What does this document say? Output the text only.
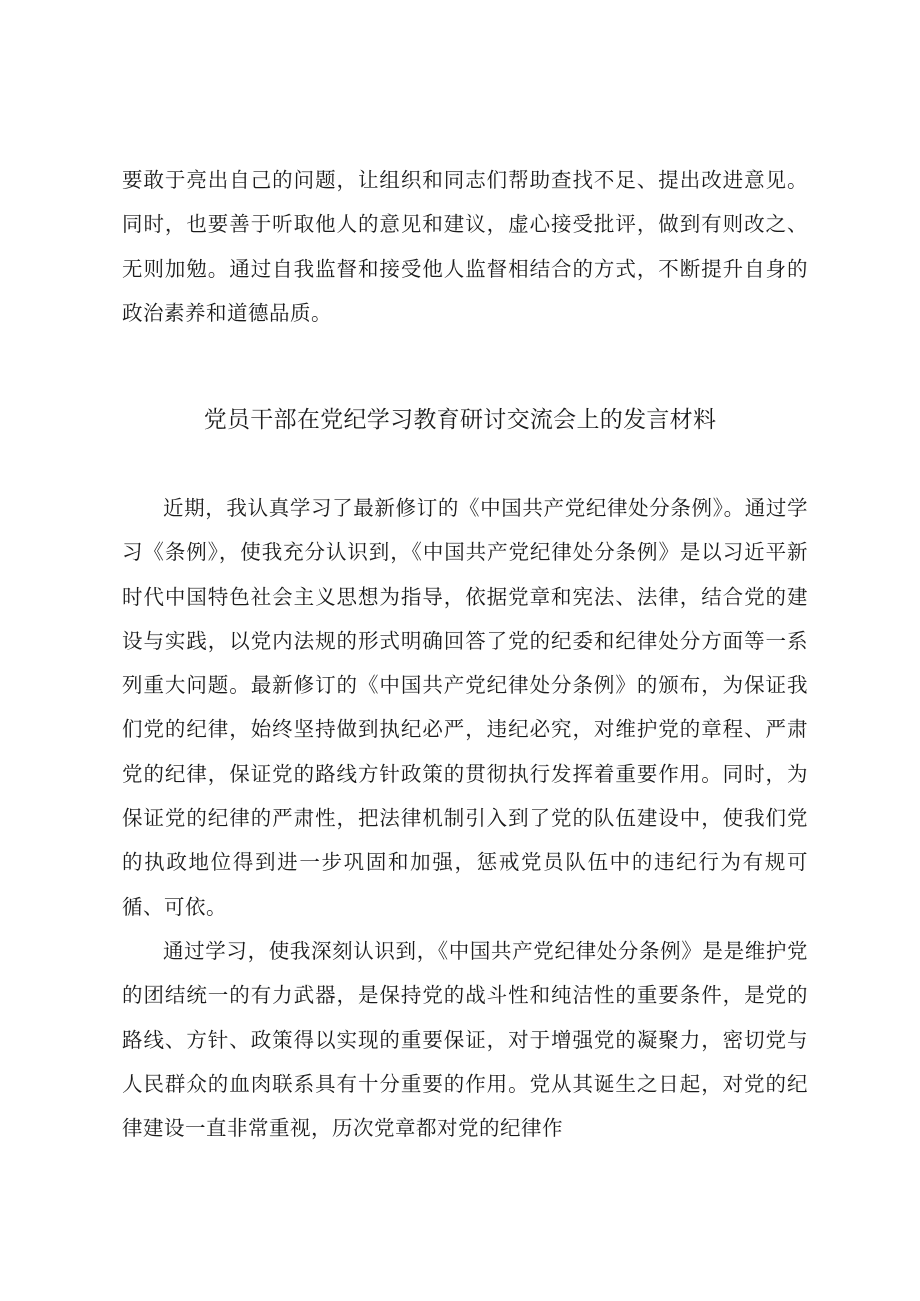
要敢于亮出自己的问题，让组织和同志们帮助查找不足、提出改进意见。同时，也要善于听取他人的意见和建议，虚心接受批评，做到有则改之、无则加勉。通过自我监督和接受他人监督相结合的方式，不断提升自身的政治素养和道德品质。

党员干部在党纪学习教育研讨交流会上的发言材料

近期，我认真学习了最新修订的《中国共产党纪律处分条例》。通过学习《条例》，使我充分认识到，《中国共产党纪律处分条例》是以习近平新时代中国特色社会主义思想为指导，依据党章和宪法、法律，结合党的建设与实践，以党内法规的形式明确回答了党的纪委和纪律处分方面等一系列重大问题。最新修订的《中国共产党纪律处分条例》的颁布，为保证我们党的纪律，始终坚持做到执纪必严，违纪必究，对维护党的章程、严肃党的纪律，保证党的路线方针政策的贯彻执行发挥着重要作用。同时，为保证党的纪律的严肃性，把法律机制引入到了党的队伍建设中，使我们党的执政地位得到进一步巩固和加强，惩戒党员队伍中的违纪行为有规可循、可依。

通过学习，使我深刻认识到，《中国共产党纪律处分条例》是是维护党的团结统一的有力武器，是保持党的战斗性和纯洁性的重要条件，是党的路线、方针、政策得以实现的重要保证，对于增强党的凝聚力，密切党与人民群众的血肉联系具有十分重要的作用。党从其诞生之日起，对党的纪律建设一直非常重视，历次党章都对党的纪律作
